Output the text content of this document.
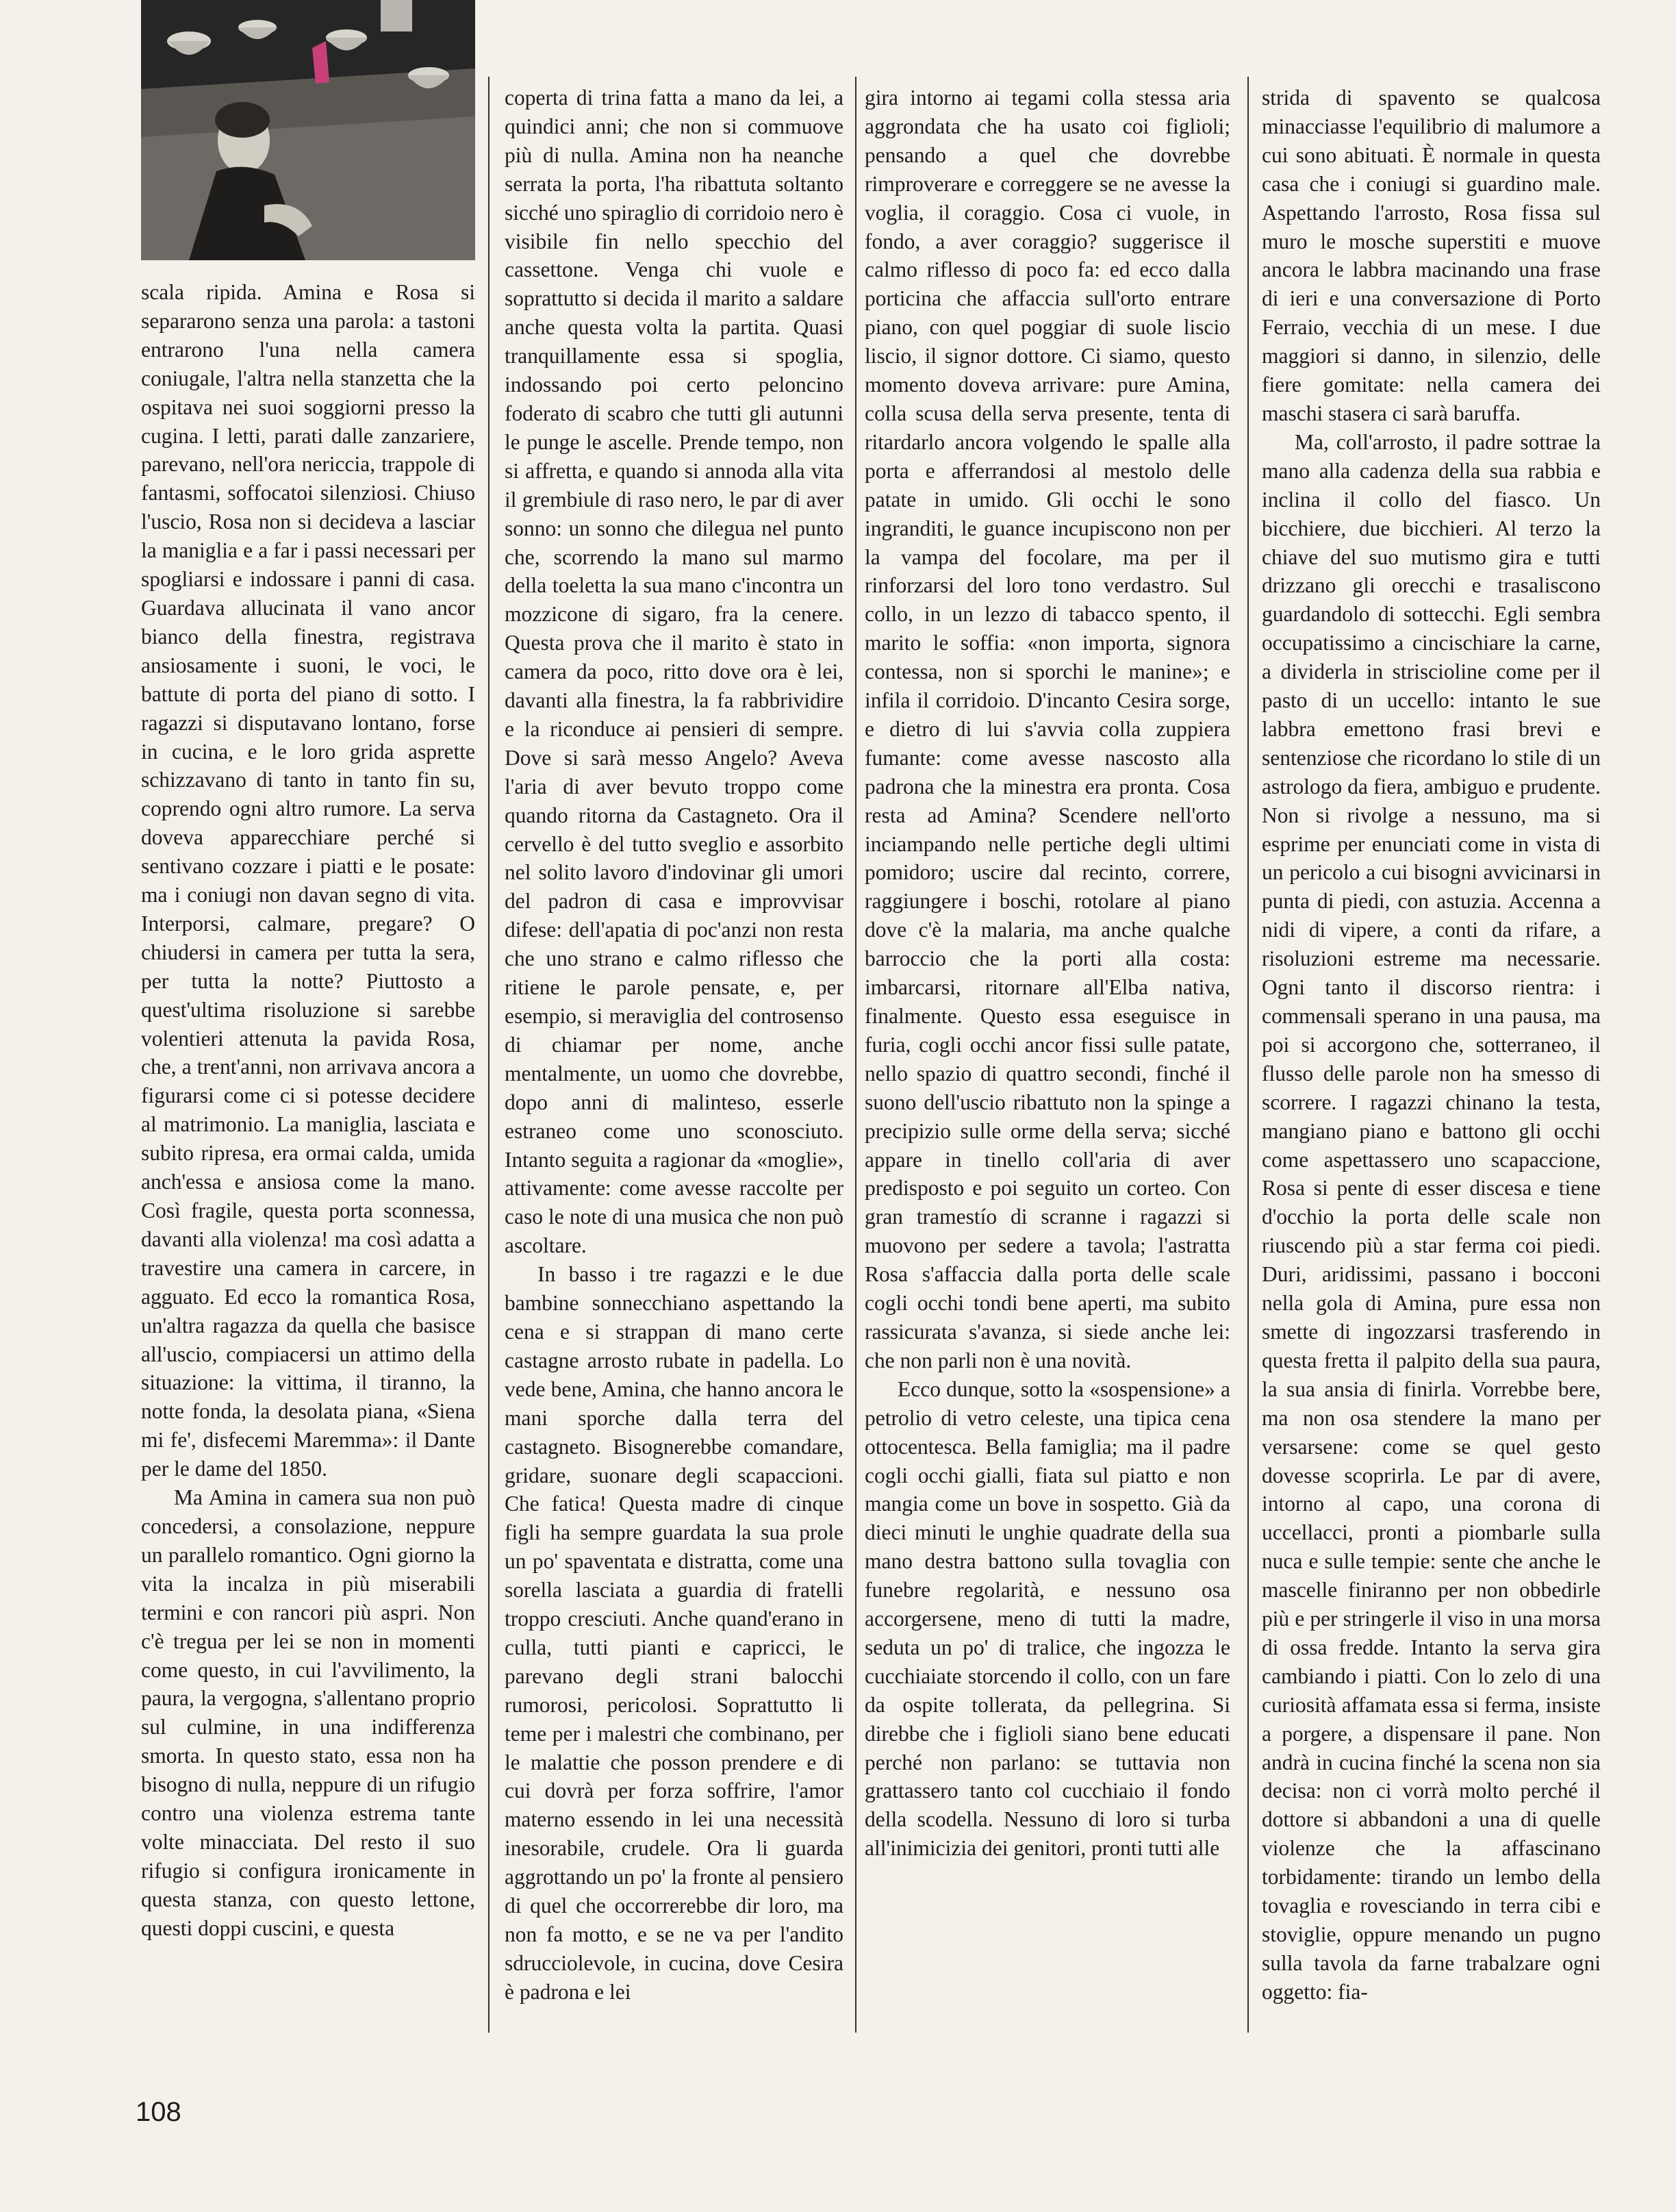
scala ripida. Amina e Rosa si separarono senza una parola: a tastoni entrarono l'una nella camera coniugale, l'altra nella stanzetta che la ospitava nei suoi soggiorni presso la cugina. I letti, parati dalle zanzariere, parevano, nell'ora nericcia, trappole di fantasmi, soffocatoi silenziosi. Chiuso l'uscio, Rosa non si decideva a lasciar la maniglia e a far i passi necessari per spogliarsi e indossare i panni di casa. Guardava allucinata il vano ancor bianco della finestra, registrava ansiosamente i suoni, le voci, le battute di porta del piano di sotto. I ragazzi si disputavano lontano, forse in cucina, e le loro grida asprette schizzavano di tanto in tanto fin su, coprendo ogni altro rumore. La serva doveva apparecchiare perché si sentivano cozzare i piatti e le posate: ma i coniugi non davan segno di vita. Interporsi, calmare, pregare? O chiudersi in camera per tutta la sera, per tutta la notte? Piuttosto a quest'ultima risoluzione si sarebbe volentieri attenuta la pavida Rosa, che, a trent'anni, non arrivava ancora a figurarsi come ci si potesse decidere al matrimonio. La maniglia, lasciata e subito ripresa, era ormai calda, umida anch'essa e ansiosa come la mano. Così fragile, questa porta sconnessa, davanti alla violenza! ma così adatta a travestire una camera in carcere, in agguato. Ed ecco la romantica Rosa, un'altra ragazza da quella che basisce all'uscio, compiacersi un attimo della situazione: la vittima, il tiranno, la notte fonda, la desolata piana, «Siena mi fe', disfecemi Maremma»: il Dante per le dame del 1850.

Ma Amina in camera sua non può concedersi, a consolazione, neppure un parallelo romantico. Ogni giorno la vita la incalza in più miserabili termini e con rancori più aspri. Non c'è tregua per lei se non in momenti come questo, in cui l'avvilimento, la paura, la vergogna, s'allentano proprio sul culmine, in una indifferenza smorta. In questo stato, essa non ha bisogno di nulla, neppure di un rifugio contro una violenza estrema tante volte minacciata. Del resto il suo rifugio si configura ironicamente in questa stanza, con questo lettone, questi doppi cuscini, e questa

coperta di trina fatta a mano da lei, a quindici anni; che non si commuove più di nulla. Amina non ha neanche serrata la porta, l'ha ribattuta soltanto sicché uno spiraglio di corridoio nero è visibile fin nello specchio del cassettone. Venga chi vuole e soprattutto si decida il marito a saldare anche questa volta la partita. Quasi tranquillamente essa si spoglia, indossando poi certo peloncino foderato di scabro che tutti gli autunni le punge le ascelle. Prende tempo, non si affretta, e quando si annoda alla vita il grembiule di raso nero, le par di aver sonno: un sonno che dilegua nel punto che, scorrendo la mano sul marmo della toeletta la sua mano c'incontra un mozzicone di sigaro, fra la cenere. Questa prova che il marito è stato in camera da poco, ritto dove ora è lei, davanti alla finestra, la fa rabbrividire e la riconduce ai pensieri di sempre. Dove si sarà messo Angelo? Aveva l'aria di aver bevuto troppo come quando ritorna da Castagneto. Ora il cervello è del tutto sveglio e assorbito nel solito lavoro d'indovinar gli umori del padron di casa e improvvisar difese: dell'apatia di poc'anzi non resta che uno strano e calmo riflesso che ritiene le parole pensate, e, per esempio, si meraviglia del controsenso di chiamar per nome, anche mentalmente, un uomo che dovrebbe, dopo anni di malinteso, esserle estraneo come uno sconosciuto. Intanto seguita a ragionar da «moglie», attivamente: come avesse raccolte per caso le note di una musica che non può ascoltare.

In basso i tre ragazzi e le due bambine sonnecchiano aspettando la cena e si strappan di mano certe castagne arrosto rubate in padella. Lo vede bene, Amina, che hanno ancora le mani sporche dalla terra del castagneto. Bisognerebbe comandare, gridare, suonare degli scapaccioni. Che fatica! Questa madre di cinque figli ha sempre guardata la sua prole un po' spaventata e distratta, come una sorella lasciata a guardia di fratelli troppo cresciuti. Anche quand'erano in culla, tutti pianti e capricci, le parevano degli strani balocchi rumorosi, pericolosi. Soprattutto li teme per i malestri che combinano, per le malattie che posson prendere e di cui dovrà per forza soffrire, l'amor materno essendo in lei una necessità inesorabile, crudele. Ora li guarda aggrottando un po' la fronte al pensiero di quel che occorrerebbe dir loro, ma non fa motto, e se ne va per l'andito sdrucciolevole, in cucina, dove Cesira è padrona e lei

gira intorno ai tegami colla stessa aria aggrondata che ha usato coi figlioli; pensando a quel che dovrebbe rimproverare e correggere se ne avesse la voglia, il coraggio. Cosa ci vuole, in fondo, a aver coraggio? suggerisce il calmo riflesso di poco fa: ed ecco dalla porticina che affaccia sull'orto entrare piano, con quel poggiar di suole liscio liscio, il signor dottore. Ci siamo, questo momento doveva arrivare: pure Amina, colla scusa della serva presente, tenta di ritardarlo ancora volgendo le spalle alla porta e afferrandosi al mestolo delle patate in umido. Gli occhi le sono ingranditi, le guance incupiscono non per la vampa del focolare, ma per il rinforzarsi del loro tono verdastro. Sul collo, in un lezzo di tabacco spento, il marito le soffia: «non importa, signora contessa, non si sporchi le manine»; e infila il corridoio. D'incanto Cesira sorge, e dietro di lui s'avvia colla zuppiera fumante: come avesse nascosto alla padrona che la minestra era pronta. Cosa resta ad Amina? Scendere nell'orto inciampando nelle pertiche degli ultimi pomidoro; uscire dal recinto, correre, raggiungere i boschi, rotolare al piano dove c'è la malaria, ma anche qualche barroccio che la porti alla costa: imbarcarsi, ritornare all'Elba nativa, finalmente. Questo essa eseguisce in furia, cogli occhi ancor fissi sulle patate, nello spazio di quattro secondi, finché il suono dell'uscio ribattuto non la spinge a precipizio sulle orme della serva; sicché appare in tinello coll'aria di aver predisposto e poi seguito un corteo. Con gran tramestío di scranne i ragazzi si muovono per sedere a tavola; l'astratta Rosa s'affaccia dalla porta delle scale cogli occhi tondi bene aperti, ma subito rassicurata s'avanza, si siede anche lei: che non parli non è una novità.

Ecco dunque, sotto la «sospensione» a petrolio di vetro celeste, una tipica cena ottocentesca. Bella famiglia; ma il padre cogli occhi gialli, fiata sul piatto e non mangia come un bove in sospetto. Già da dieci minuti le unghie quadrate della sua mano destra battono sulla tovaglia con funebre regolarità, e nessuno osa accorgersene, meno di tutti la madre, seduta un po' di tralice, che ingozza le cucchiaiate storcendo il collo, con un fare da ospite tollerata, da pellegrina. Si direbbe che i figlioli siano bene educati perché non parlano: se tuttavia non grattassero tanto col cucchiaio il fondo della scodella. Nessuno di loro si turba all'inimicizia dei genitori, pronti tutti alle

strida di spavento se qualcosa minacciasse l'equilibrio di malumore a cui sono abituati. È normale in questa casa che i coniugi si guardino male. Aspettando l'arrosto, Rosa fissa sul muro le mosche superstiti e muove ancora le labbra macinando una frase di ieri e una conversazione di Porto Ferraio, vecchia di un mese. I due maggiori si danno, in silenzio, delle fiere gomitate: nella camera dei maschi stasera ci sarà baruffa.

Ma, coll'arrosto, il padre sottrae la mano alla cadenza della sua rabbia e inclina il collo del fiasco. Un bicchiere, due bicchieri. Al terzo la chiave del suo mutismo gira e tutti drizzano gli orecchi e trasaliscono guardandolo di sottecchi. Egli sembra occupatissimo a cincischiare la carne, a dividerla in striscioline come per il pasto di un uccello: intanto le sue labbra emettono frasi brevi e sentenziose che ricordano lo stile di un astrologo da fiera, ambiguo e prudente. Non si rivolge a nessuno, ma si esprime per enunciati come in vista di un pericolo a cui bisogni avvicinarsi in punta di piedi, con astuzia. Accenna a nidi di vipere, a conti da rifare, a risoluzioni estreme ma necessarie. Ogni tanto il discorso rientra: i commensali sperano in una pausa, ma poi si accorgono che, sotterraneo, il flusso delle parole non ha smesso di scorrere. I ragazzi chinano la testa, mangiano piano e battono gli occhi come aspettassero uno scapaccione, Rosa si pente di esser discesa e tiene d'occhio la porta delle scale non riuscendo più a star ferma coi piedi. Duri, aridissimi, passano i bocconi nella gola di Amina, pure essa non smette di ingozzarsi trasferendo in questa fretta il palpito della sua paura, la sua ansia di finirla. Vorrebbe bere, ma non osa stendere la mano per versarsene: come se quel gesto dovesse scoprirla. Le par di avere, intorno al capo, una corona di uccellacci, pronti a piombarle sulla nuca e sulle tempie: sente che anche le mascelle finiranno per non obbedirle più e per stringerle il viso in una morsa di ossa fredde. Intanto la serva gira cambiando i piatti. Con lo zelo di una curiosità affamata essa si ferma, insiste a porgere, a dispensare il pane. Non andrà in cucina finché la scena non sia decisa: non ci vorrà molto perché il dottore si abbandoni a una di quelle violenze che la affascinano torbidamente: tirando un lembo della tovaglia e rovesciando in terra cibi e stoviglie, oppure menando un pugno sulla tavola da farne trabalzare ogni oggetto: fia-

108
